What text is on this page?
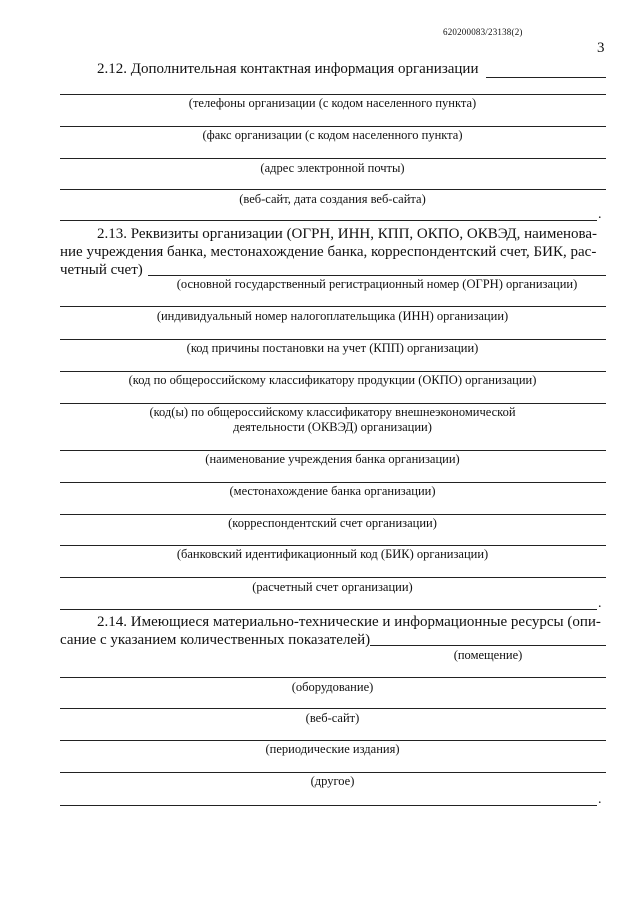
620200083/23138(2)
3
2.12. Дополнительная контактная информация организации
(телефоны организации (с кодом населенного пункта)
(факс организации (с кодом населенного пункта)
(адрес электронной почты)
(веб-сайт, дата создания веб-сайта)
.
2.13. Реквизиты организации (ОГРН, ИНН, КПП, ОКПО, ОКВЭД, наименова-
ние учреждения банка, местонахождение банка, корреспондентский счет, БИК, рас-
четный счет)
(основной государственный регистрационный номер (ОГРН) организации)
(индивидуальный номер налогоплательщика (ИНН) организации)
(код причины постановки на учет (КПП) организации)
(код по общероссийскому классификатору продукции (ОКПО) организации)
(код(ы) по общероссийскому классификатору внешнеэкономической
деятельности (ОКВЭД) организации)
(наименование учреждения банка организации)
(местонахождение банка организации)
(корреспондентский счет организации)
(банковский идентификационный код (БИК) организации)
(расчетный счет организации)
.
2.14. Имеющиеся материально-технические и информационные ресурсы (опи-
сание с указанием количественных показателей)
(помещение)
(оборудование)
(веб-сайт)
(периодические издания)
(другое)
.
